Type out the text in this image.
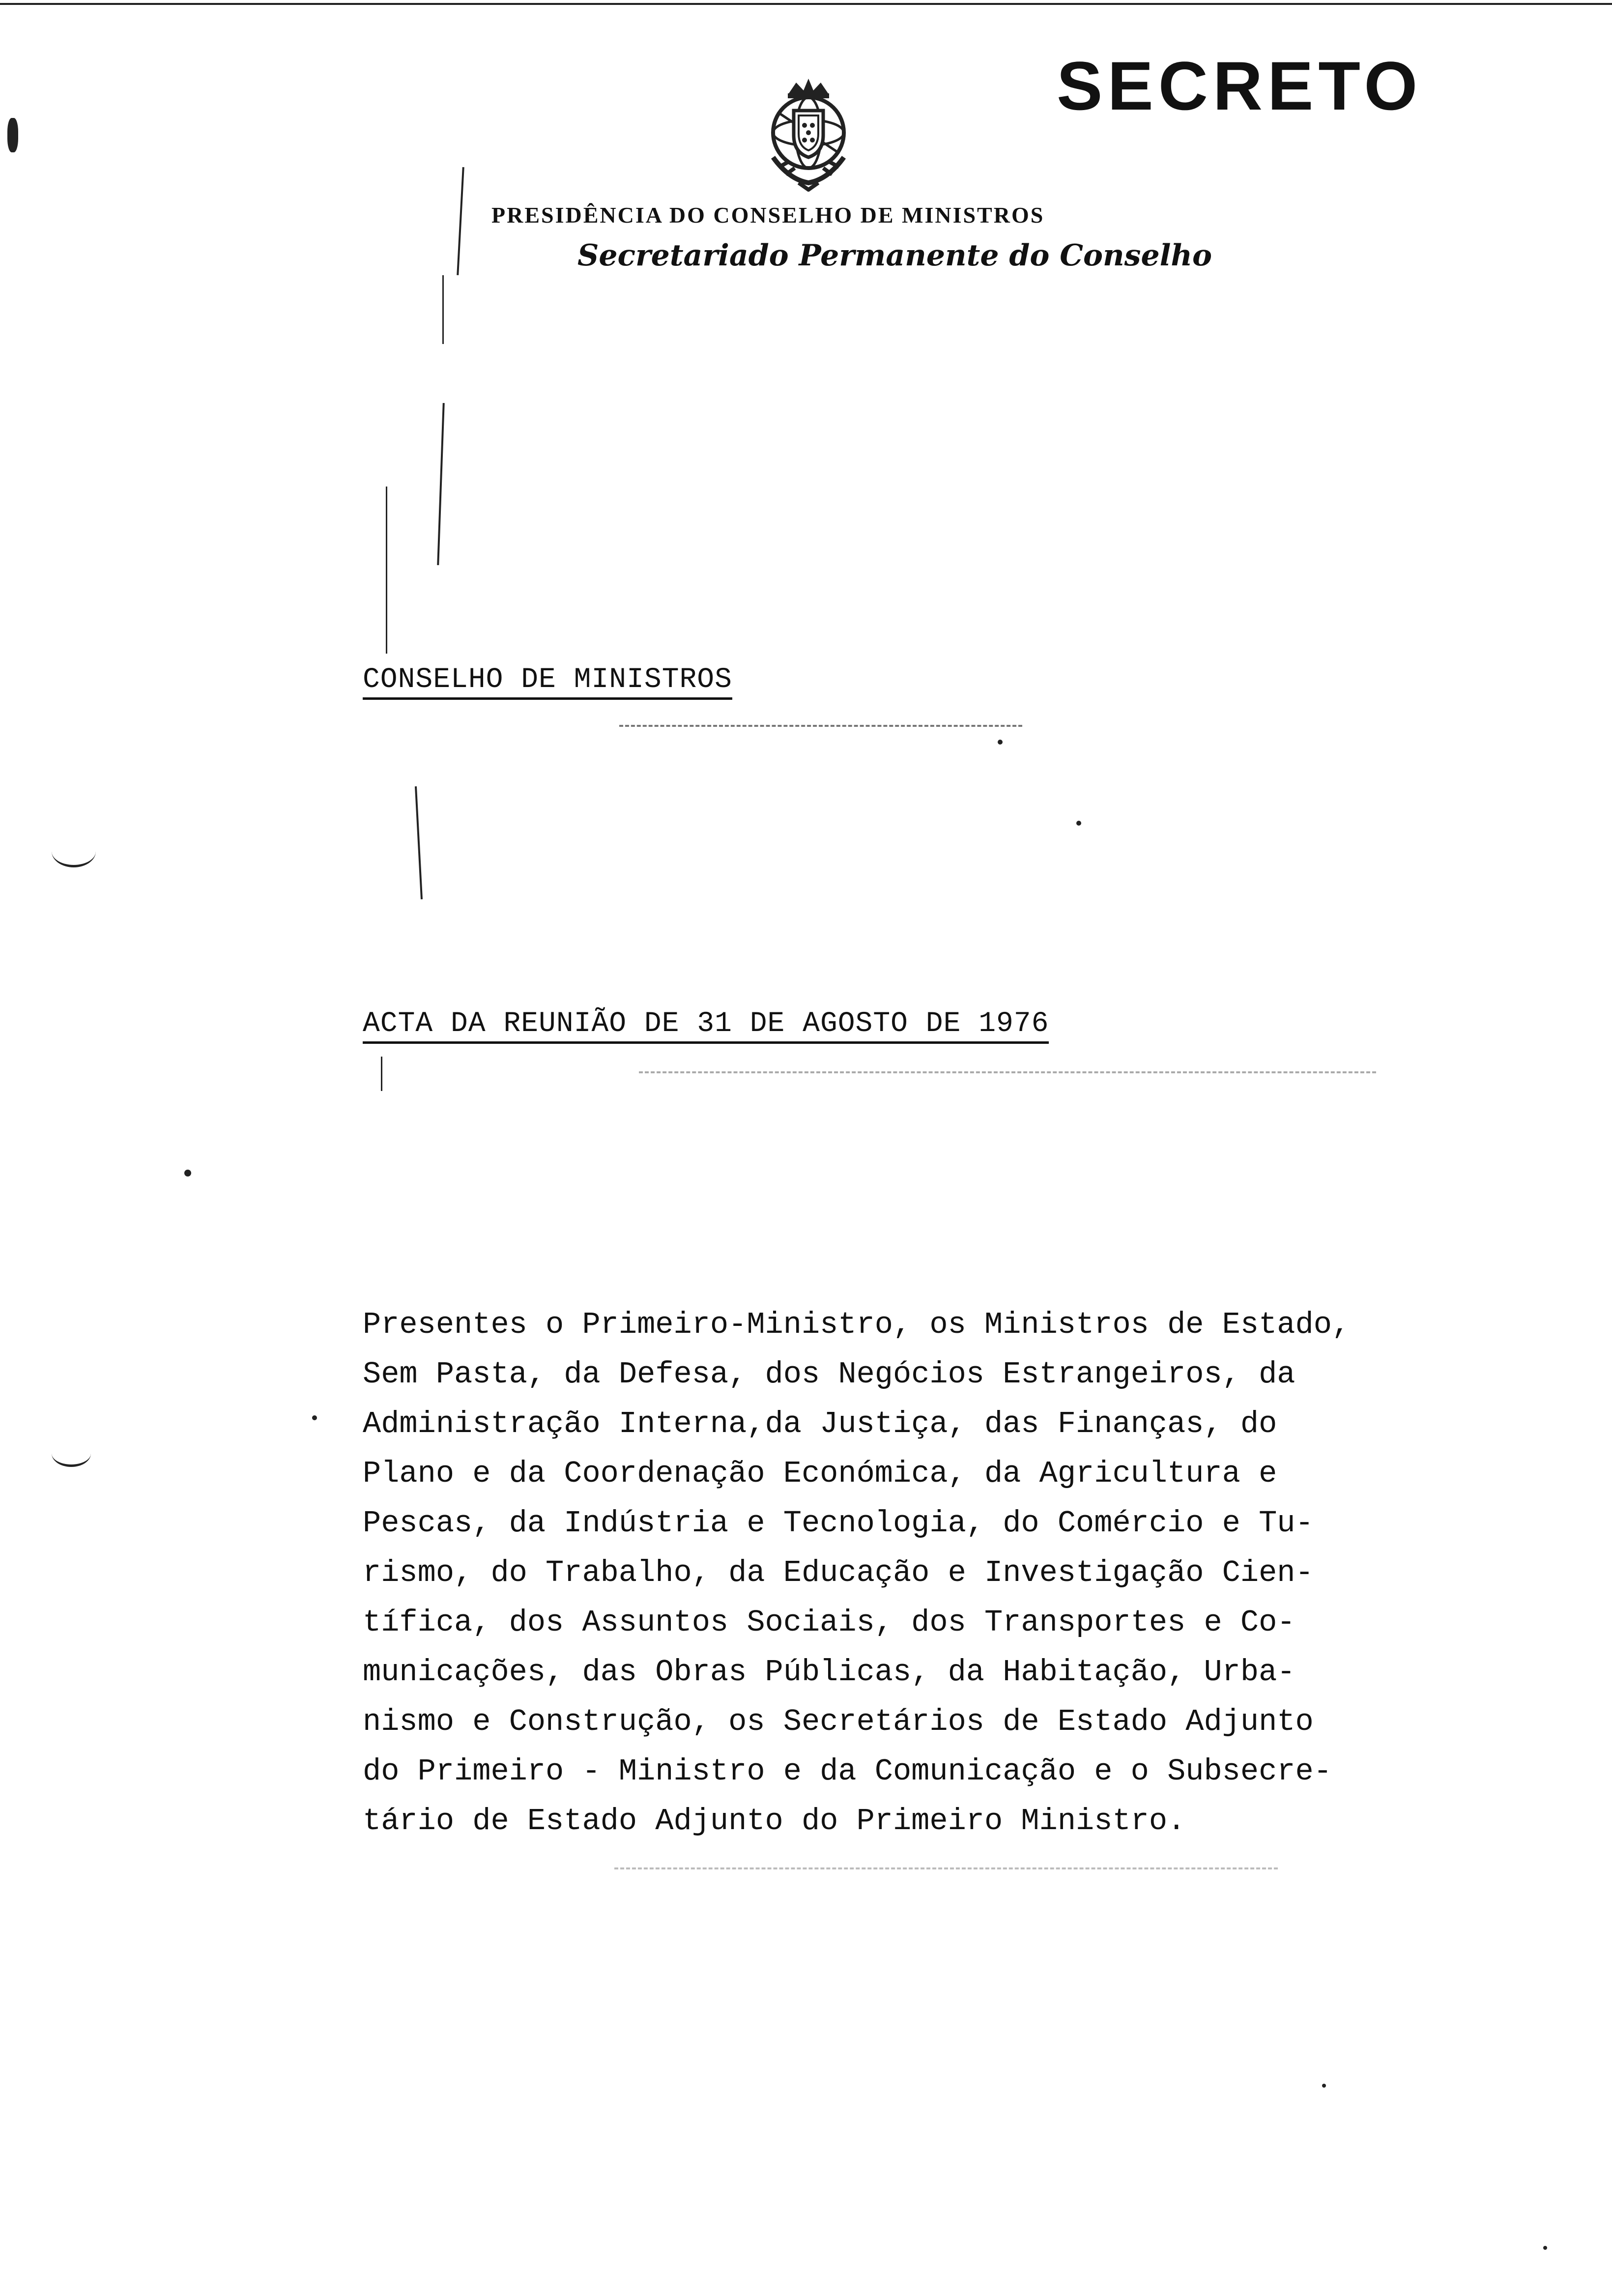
SECRETO
PRESIDÊNCIA DO CONSELHO DE MINISTROS
Secretariado Permanente do Conselho
CONSELHO DE MINISTROS
ACTA DA REUNIÃO DE 31 DE AGOSTO DE 1976

Presentes o Primeiro-Ministro, os Ministros de Estado,
Sem Pasta, da Defesa, dos Negócios Estrangeiros, da
Administração Interna,da Justiça, das Finanças, do
Plano e da Coordenação Económica, da Agricultura e
Pescas, da Indústria e Tecnologia, do Comércio e Tu-
rismo, do Trabalho, da Educação e Investigação Cien-
tífica, dos Assuntos Sociais, dos Transportes e Co-
municações, das Obras Públicas, da Habitação, Urba-
nismo e Construção, os Secretários de Estado Adjunto
do Primeiro - Ministro e da Comunicação e o Subsecre-
tário de Estado Adjunto do Primeiro Ministro.
